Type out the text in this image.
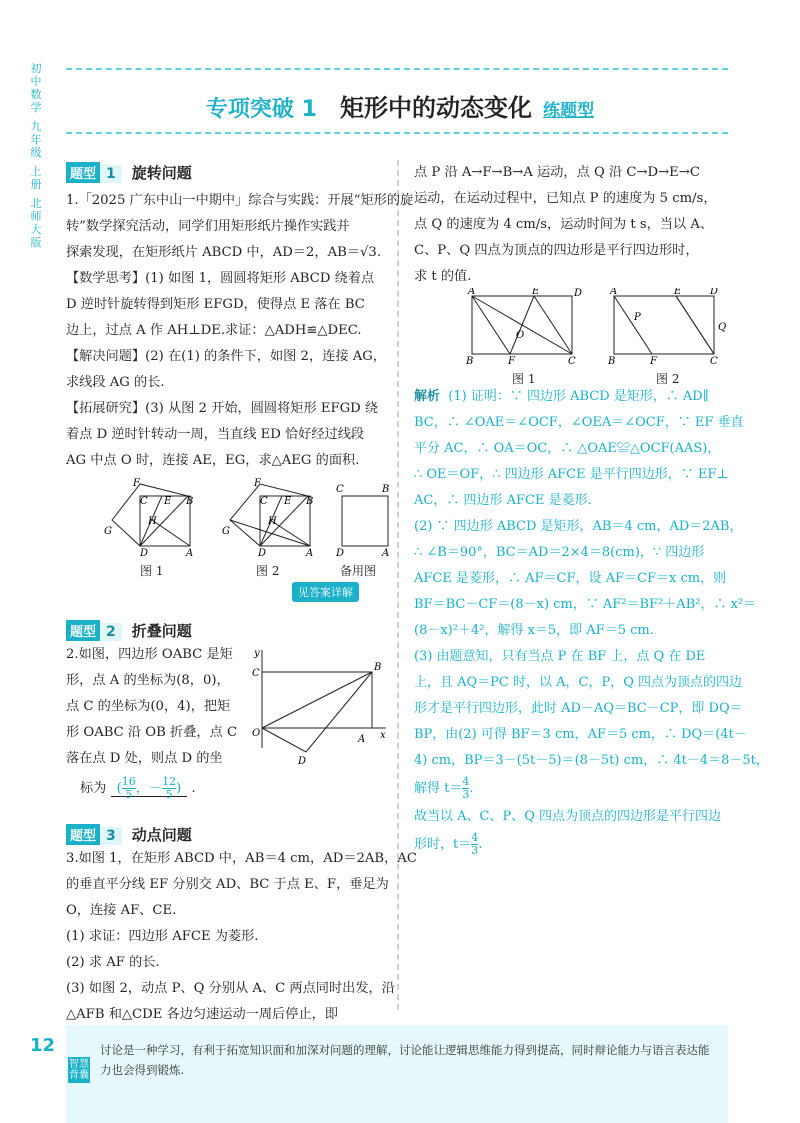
初中数学
九年级
上册
北师大版
专项突破 1 矩形中的动态变化 练题型
题型 1 旋转问题
1.「2025 广东中山一中期中」综合与实践：开展“矩形的旋
转”数学探究活动，同学们用矩形纸片操作实践并
探索发现，在矩形纸片 ABCD 中，AD＝2，AB＝√3.
【数学思考】(1) 如图 1，圆圆将矩形 ABCD 绕着点
D 逆时针旋转得到矩形 EFGD，使得点 E 落在 BC
边上，过点 A 作 AH⊥DE.求证：△ADH≌△DEC.
【解决问题】(2) 在(1) 的条件下，如图 2，连接 AG，
求线段 AG 的长.
【拓展研究】(3) 从图 2 开始，圆圆将矩形 EFGD 绕
着点 D 逆时针转动一周，当直线 ED 恰好经过线段
AG 中点 O 时，连接 AE，EG，求△AEG 的面积.
F
C E B
G
H
D	A
F
C E B
G
H
D	A
C	B
D	A
图 1	图 2	备用图
见答案详解
题型 2 折叠问题
2.如图，四边形 OABC 是矩
形，点 A 的坐标为(8，0)，
点 C 的坐标为(0，4)，把矩
形 OABC 沿 OB 折叠，点 C
落在点 D 处，则点 D 的坐
标为 ( $\frac{16}{5}$ ，－ $\frac{12}{5}$ ) .
y
C
B
O
A x
D
题型 3 动点问题
3.如图 1，在矩形 ABCD 中，AB＝4 cm，AD＝2AB，AC
的垂直平分线 EF 分别交 AD、BC 于点 E、F，垂足为
O，连接 AF、CE.
(1) 求证：四边形 AFCE 为菱形.
(2) 求 AF 的长.
(3) 如图 2，动点 P、Q 分别从 A、C 两点同时出发，沿
△AFB 和△CDE 各边匀速运动一周后停止，即
点 P 沿 A→F→B→A 运动，点 Q 沿 C→D→E→C
运动，在运动过程中，已知点 P 的速度为 5 cm/s，
点 Q 的速度为 4 cm/s，运动时间为 t s，当以 A、
C、P、Q 四点为顶点的四边形是平行四边形时，
求 t 的值.
A	E	D
O
B	F	C
A	E	D
P
Q
B	F	C
图 1	图 2
解析 (1) 证明：∵ 四边形 ABCD 是矩形，∴ AD∥
BC，∴ ∠OAE＝∠OCF，∠OEA＝∠OCF，∵ EF 垂直
平分 AC，∴ OA＝OC，∴ △OAE≌△OCF(AAS)，
∴ OE＝OF，∴ 四边形 AFCE 是平行四边形，∵ EF⊥
AC，∴ 四边形 AFCE 是菱形.
(2) ∵ 四边形 ABCD 是矩形，AB＝4 cm，AD＝2AB，
∴ ∠B＝90°，BC＝AD＝2×4＝8(cm)，∵ 四边形
AFCE 是菱形，∴ AF＝CF，设 AF＝CF＝x cm，则
BF＝BC－CF＝(8－x) cm，∵ AF²＝BF²＋AB²，∴ x²＝
(8－x)²＋4²，解得 x＝5，即 AF＝5 cm.
(3) 由题意知，只有当点 P 在 BF 上，点 Q 在 DE
上，且 AQ＝PC 时，以 A，C，P，Q 四点为顶点的四边
形才是平行四边形，此时 AD－AQ＝BC－CP，即 DQ＝
BP，由(2) 可得 BF＝3 cm，AF＝5 cm，∴ DQ＝(4t－
4) cm，BP＝3－(5t－5)＝(8－5t) cm，∴ 4t－4＝8－5t，
解得 $t= \frac{4}{3}$ .
故当以 A、C、P、Q 四点为顶点的四边形是平行四边
形时，$t= \frac{4}{3}$ .
12
智慧背囊
讨论是一种学习，有利于拓宽知识面和加深对问题的理解，讨论能让逻辑思维能力得到提高，同时辩论能力与语言表达能力也会得到锻炼.
